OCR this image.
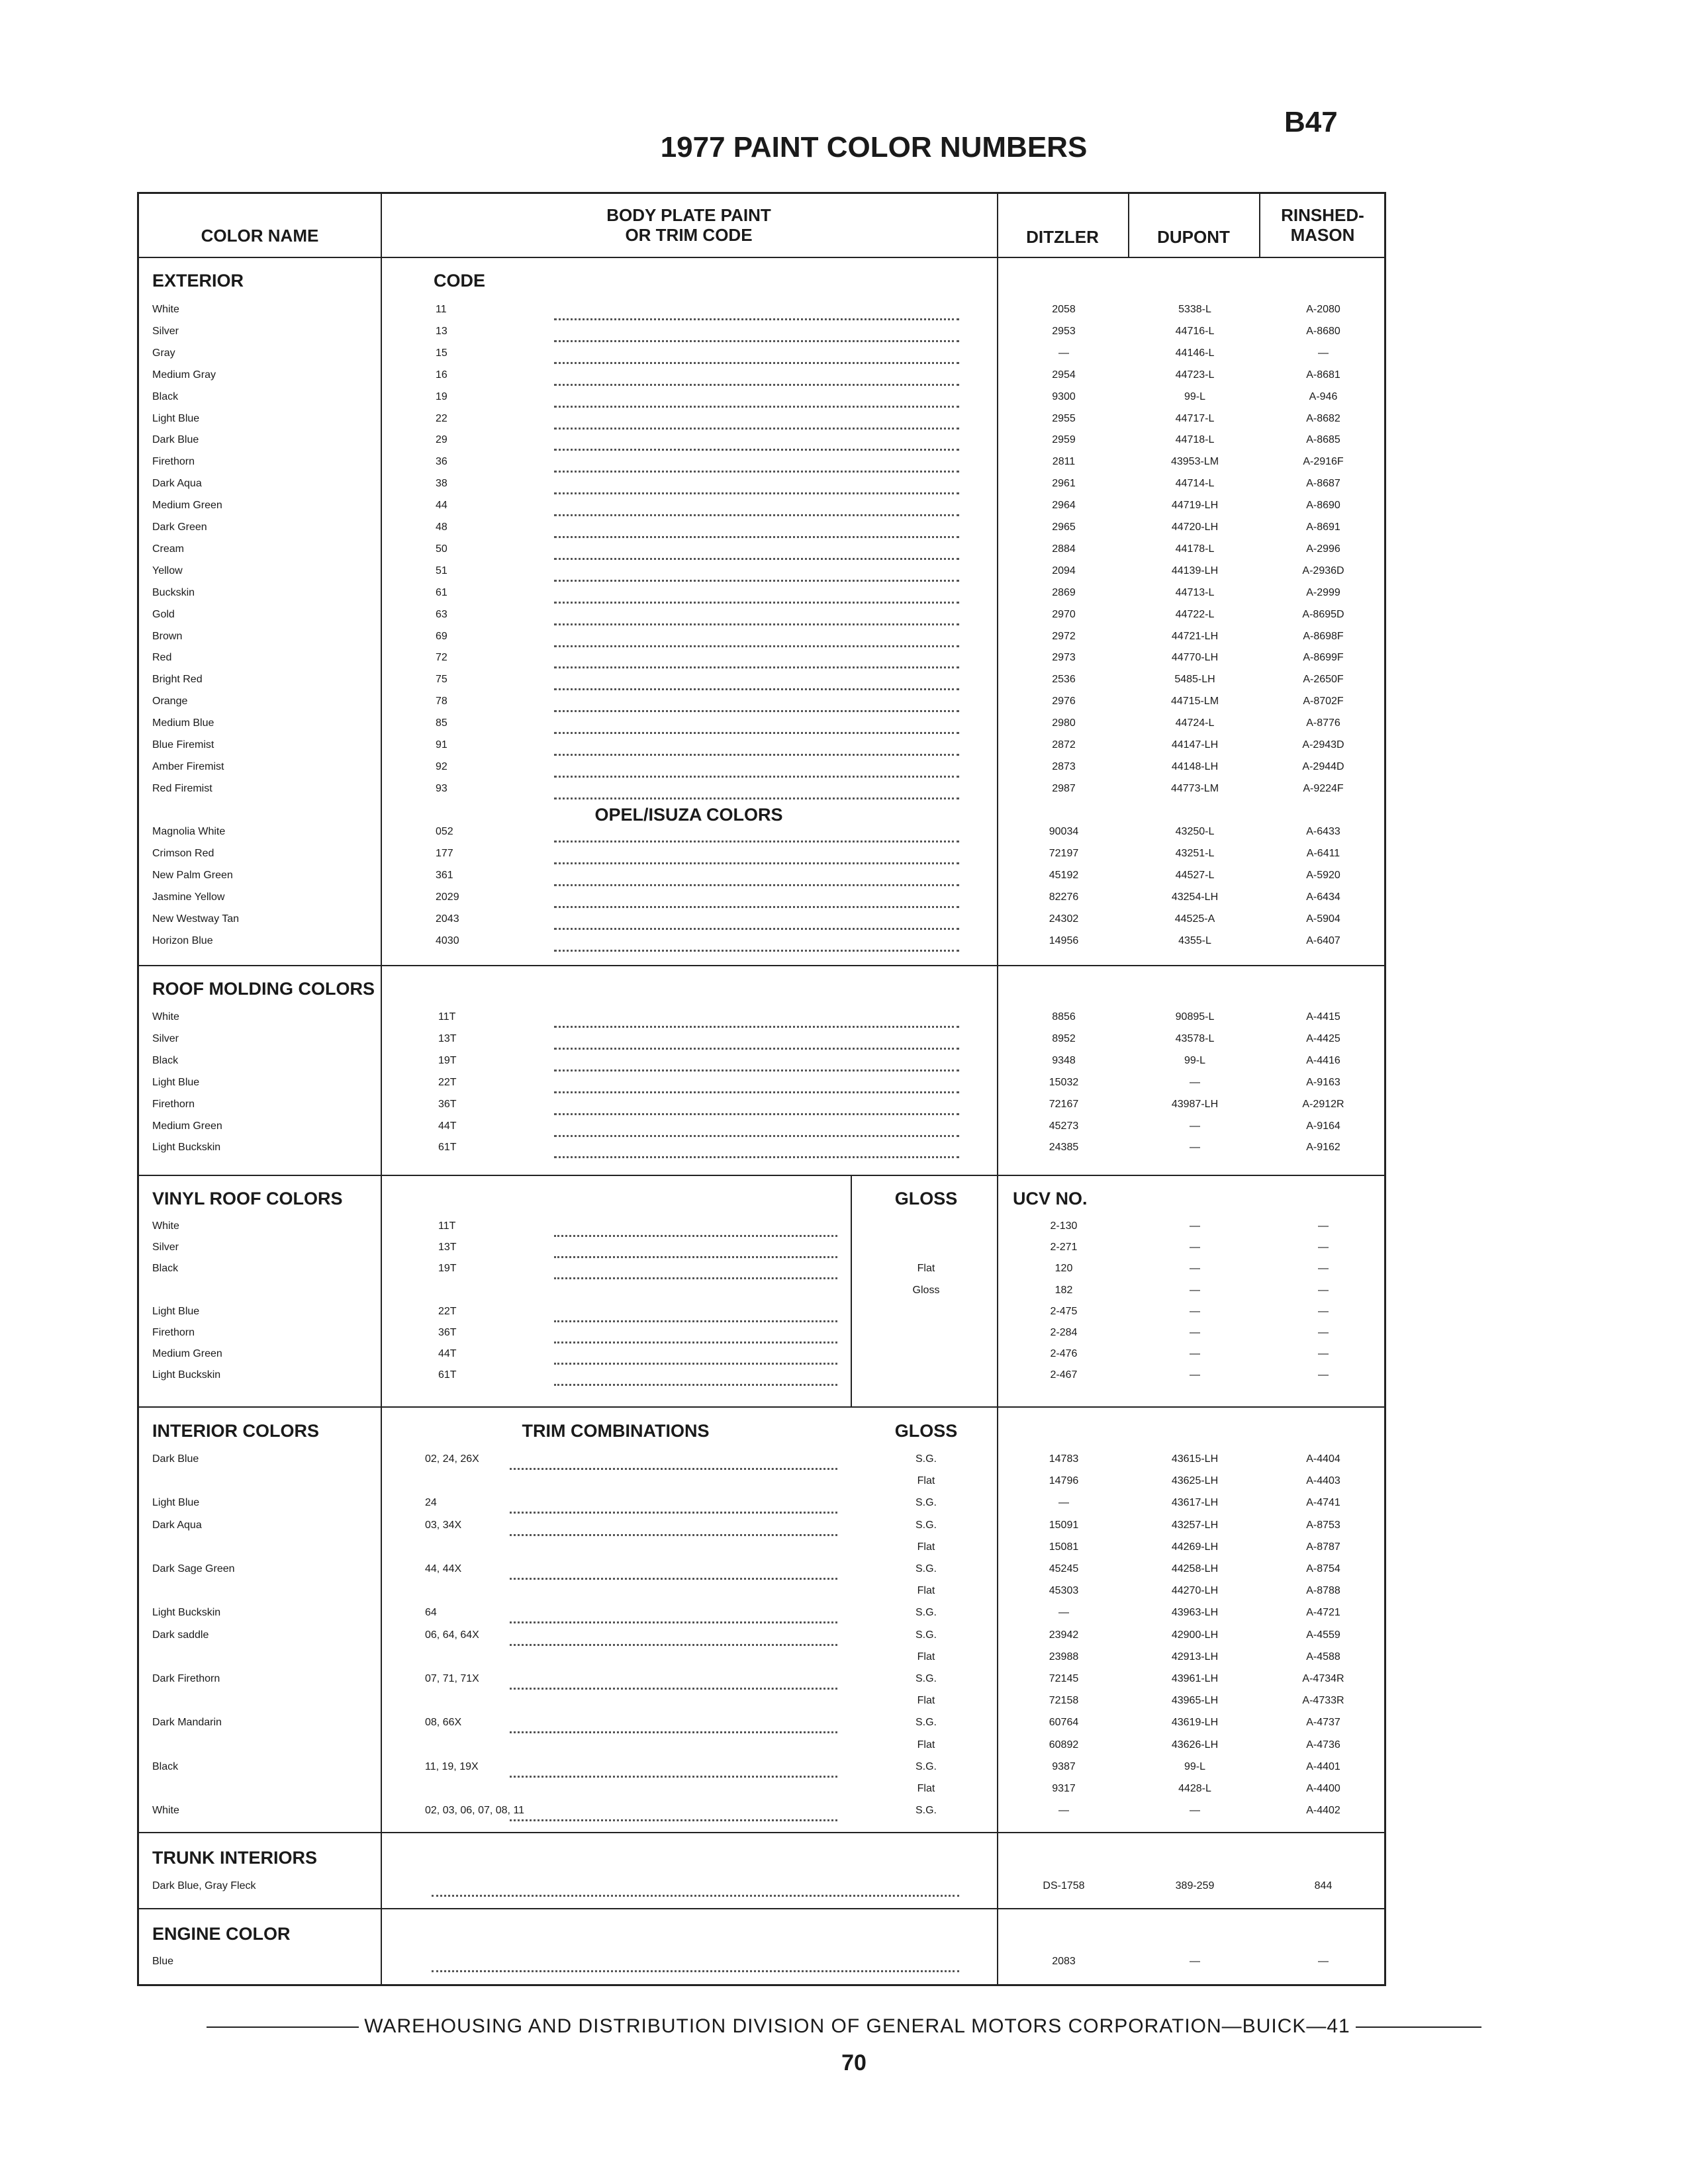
B47
1977 PAINT COLOR NUMBERS
COLOR NAME
BODY PLATE PAINT
OR TRIM CODE	DITZLER	DUPONT
RINSHED-
MASON
EXTERIOR	CODE
OPEL/ISUZA COLORS
ROOF MOLDING COLORS
VINYL ROOF COLORS	GLOSS	UCV NO.
INTERIOR COLORS	TRIM COMBINATIONS	GLOSS
TRUNK INTERIORS
ENGINE COLOR
White	11	2058	5338-L	A-2080
Silver	13	2953	44716-L	A-8680
Gray	15	—	44146-L	—
Medium Gray	16	2954	44723-L	A-8681
Black	19	9300	99-L	A-946
Light Blue	22	2955	44717-L	A-8682
Dark Blue	29	2959	44718-L	A-8685
Firethorn	36	2811	43953-LM	A-2916F
Dark Aqua	38	2961	44714-L	A-8687
Medium Green	44	2964	44719-LH	A-8690
Dark Green	48	2965	44720-LH	A-8691
Cream	50	2884	44178-L	A-2996
Yellow	51	2094	44139-LH	A-2936D
Buckskin	61	2869	44713-L	A-2999
Gold	63	2970	44722-L	A-8695D
Brown	69	2972	44721-LH	A-8698F
Red	72	2973	44770-LH	A-8699F
Bright Red	75	2536	5485-LH	A-2650F
Orange	78	2976	44715-LM	A-8702F
Medium Blue	85	2980	44724-L	A-8776
Blue Firemist	91	2872	44147-LH	A-2943D
Amber Firemist	92	2873	44148-LH	A-2944D
Red Firemist	93	2987	44773-LM	A-9224F
Magnolia White	052	90034	43250-L	A-6433
Crimson Red	177	72197	43251-L	A-6411
New Palm Green	361	45192	44527-L	A-5920
Jasmine Yellow	2029	82276	43254-LH	A-6434
New Westway Tan	2043	24302	44525-A	A-5904
Horizon Blue	4030	14956	4355-L	A-6407
White	11T	8856	90895-L	A-4415
Silver	13T	8952	43578-L	A-4425
Black	19T	9348	99-L	A-4416
Light Blue	22T	15032	—	A-9163
Firethorn	36T	72167	43987-LH	A-2912R
Medium Green	44T	45273	—	A-9164
Light Buckskin	61T	24385	—	A-9162
White	11T	2-130	—	—
Silver	13T	2-271	—	—
Black	19T	Flat	120	—	—
Gloss	182	—	—
Light Blue	22T	2-475	—	—
Firethorn	36T	2-284	—	—
Medium Green	44T	2-476	—	—
Light Buckskin	61T	2-467	—	—
Dark Blue	02, 24, 26X	S.G.	14783	43615-LH	A-4404
Flat	14796	43625-LH	A-4403
Light Blue	24	S.G.	—	43617-LH	A-4741
Dark Aqua	03, 34X	S.G.	15091	43257-LH	A-8753
Flat	15081	44269-LH	A-8787
Dark Sage Green	44, 44X	S.G.	45245	44258-LH	A-8754
Flat	45303	44270-LH	A-8788
Light Buckskin	64	S.G.	—	43963-LH	A-4721
Dark saddle	06, 64, 64X	S.G.	23942	42900-LH	A-4559
Flat	23988	42913-LH	A-4588
Dark Firethorn	07, 71, 71X	S.G.	72145	43961-LH	A-4734R
Flat	72158	43965-LH	A-4733R
Dark Mandarin	08, 66X	S.G.	60764	43619-LH	A-4737
Flat	60892	43626-LH	A-4736
Black	11, 19, 19X	S.G.	9387	99-L	A-4401
Flat	9317	4428-L	A-4400
White	02, 03, 06, 07, 08, 11	S.G.	—	—	A-4402
Dark Blue, Gray Fleck	DS-1758	389-259	844
Blue	2083	—	—
WAREHOUSING AND DISTRIBUTION DIVISION OF GENERAL MOTORS CORPORATION—BUICK—41
70
